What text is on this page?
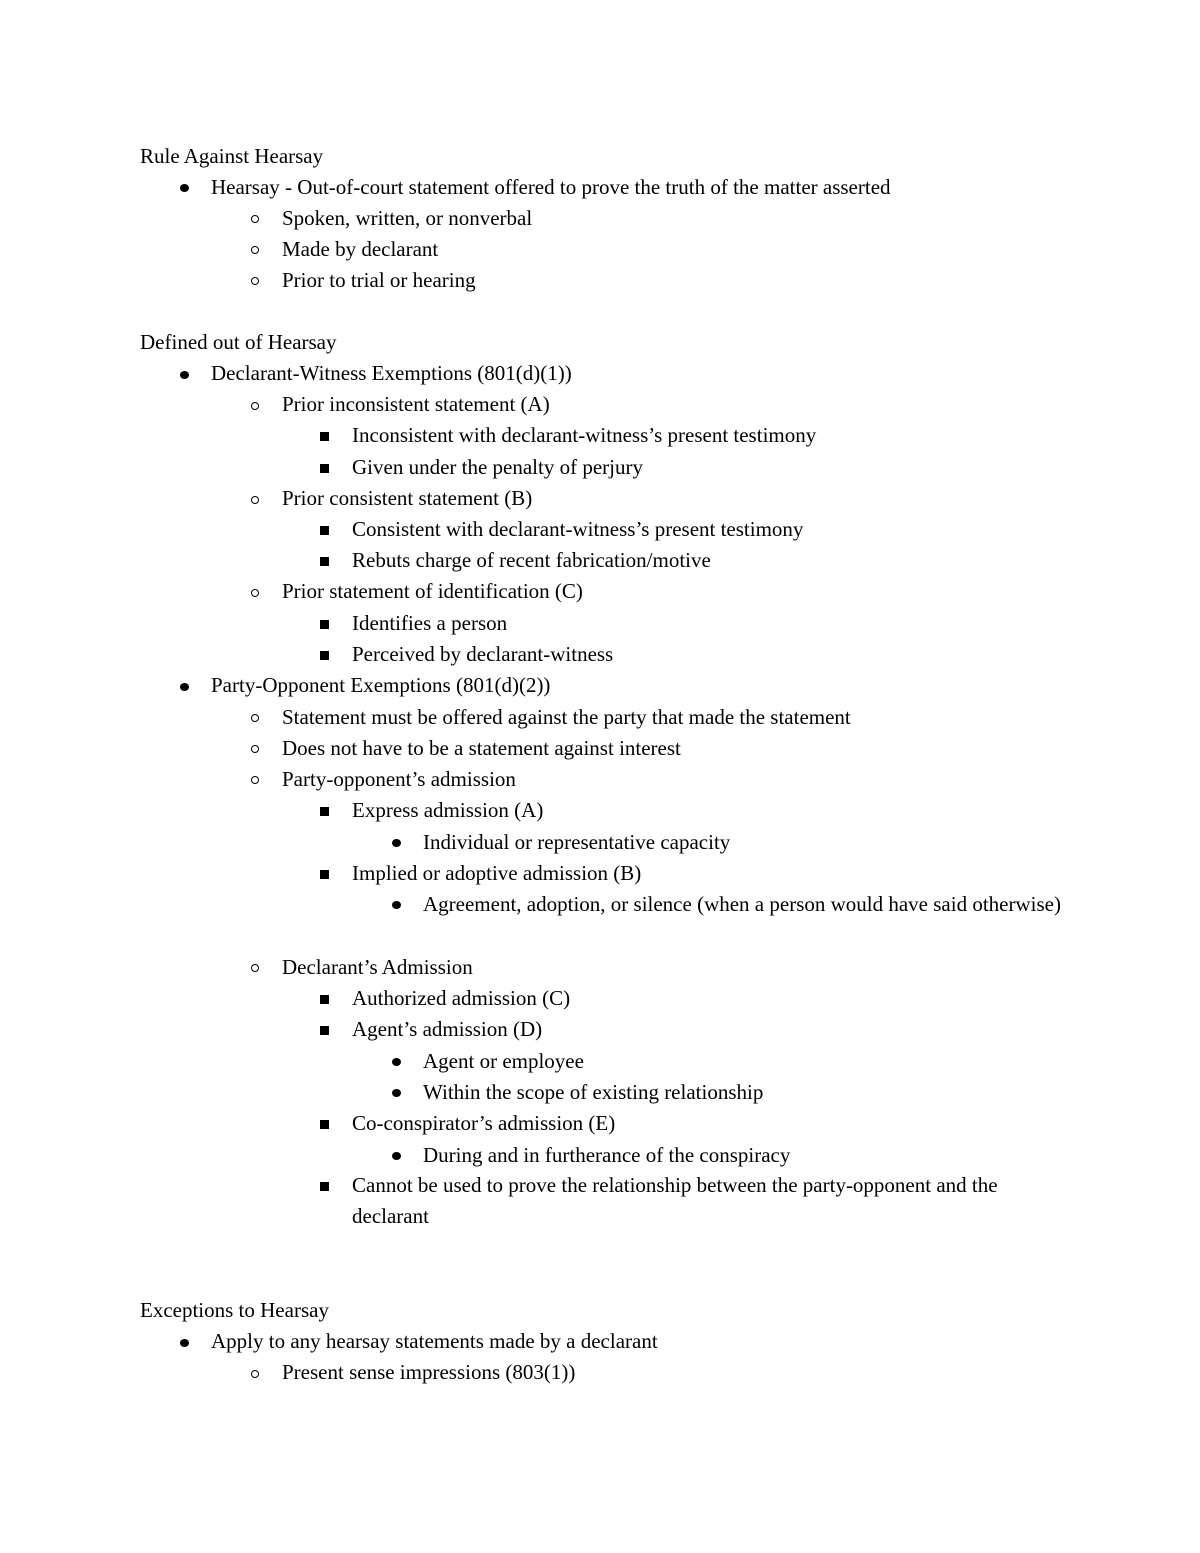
Rule Against Hearsay
Hearsay - Out-of-court statement offered to prove the truth of the matter asserted
Spoken, written, or nonverbal
Made by declarant
Prior to trial or hearing
Defined out of Hearsay
Declarant-Witness Exemptions (801(d)(1))
Prior inconsistent statement (A)
Inconsistent with declarant-witness’s present testimony
Given under the penalty of perjury
Prior consistent statement (B)
Consistent with declarant-witness’s present testimony
Rebuts charge of recent fabrication/motive
Prior statement of identification (C)
Identifies a person
Perceived by declarant-witness
Party-Opponent Exemptions (801(d)(2))
Statement must be offered against the party that made the statement
Does not have to be a statement against interest
Party-opponent’s admission
Express admission (A)
Individual or representative capacity
Implied or adoptive admission (B)
Agreement, adoption, or silence (when a person would have said otherwise)
Declarant’s Admission
Authorized admission (C)
Agent’s admission (D)
Agent or employee
Within the scope of existing relationship
Co-conspirator’s admission (E)
During and in furtherance of the conspiracy
Cannot be used to prove the relationship between the party-opponent and the declarant
Exceptions to Hearsay
Apply to any hearsay statements made by a declarant
Present sense impressions (803(1))
